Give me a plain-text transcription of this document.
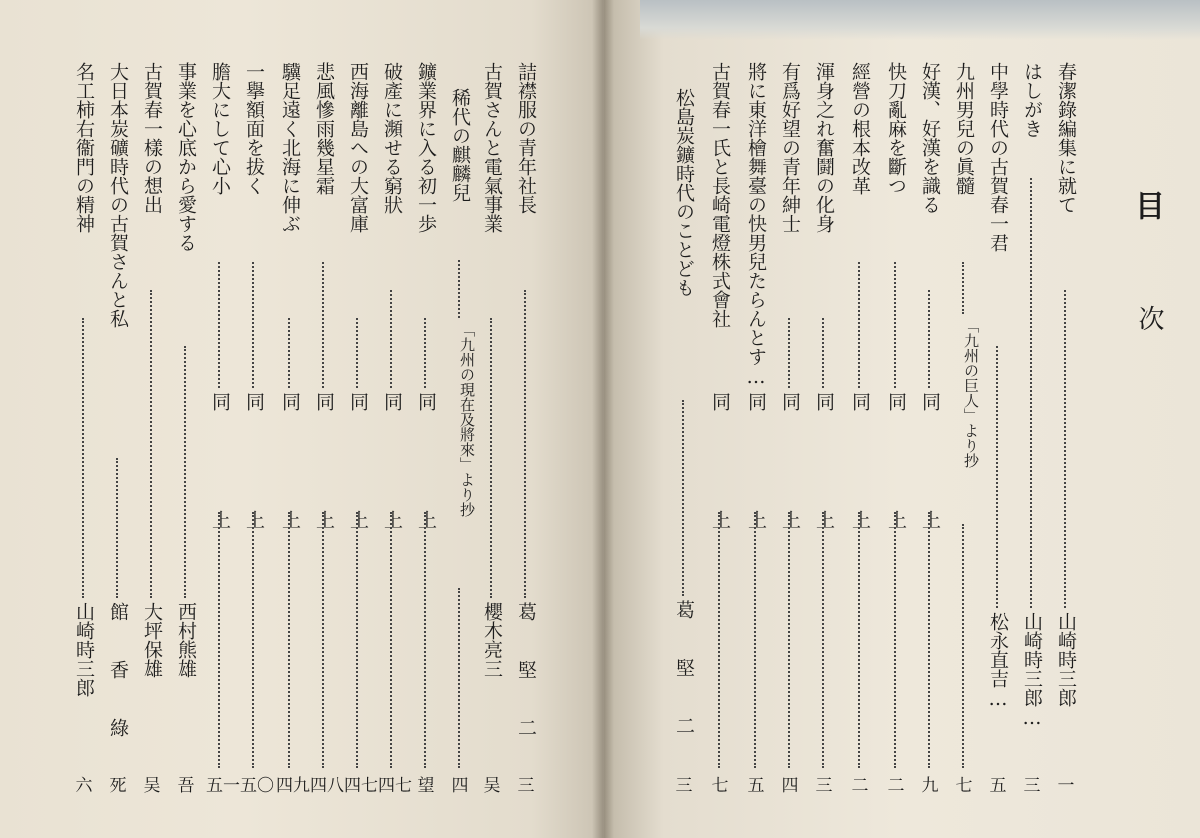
目
次
春潔錄編集に就て
山崎時三郎
一
はしがき
山崎時三郎…
三
中學時代の古賀春一君
松永直吉…
五
九州男兒の眞髓
「九州の巨人」より抄
七
好漢、好漢を識る
同　上
九
快刀亂麻を斷つ
同　上
二
經營の根本改革
同　上
二
渾身之れ奮鬪の化身
同　上
三
有爲好望の青年紳士
同　上
四
將に東洋檜舞臺の快男兒たらんとす…
同　上
五
古賀春一氏と長崎電燈株式會社
同　上
七
松島炭鑛時代のことども
葛　堅　二
三
詰襟服の青年社長
葛　堅　二
三
古賀さんと電氣事業
櫻木亮三
吴
稀代の麒麟兒
「九州の現在及將來」より抄
四
鑛業界に入る初一歩
同　上
望
破產に瀕せる窮狀
同　上
四七
西海離島への大富庫
同　上
四七
悲風慘雨幾星霜
同　上
四八
驥足遠く北海に伸ぶ
同　上
四九
一擧額面を拔く
同　上
五〇
膽大にして心小
同　上
五一
事業を心底から愛する
西村熊雄
吾
古賀春一樣の想出
大坪保雄
吴
大日本炭礦時代の古賀さんと私
館　香　綠
死
名工柿右衞門の精神
山崎時三郎
六
